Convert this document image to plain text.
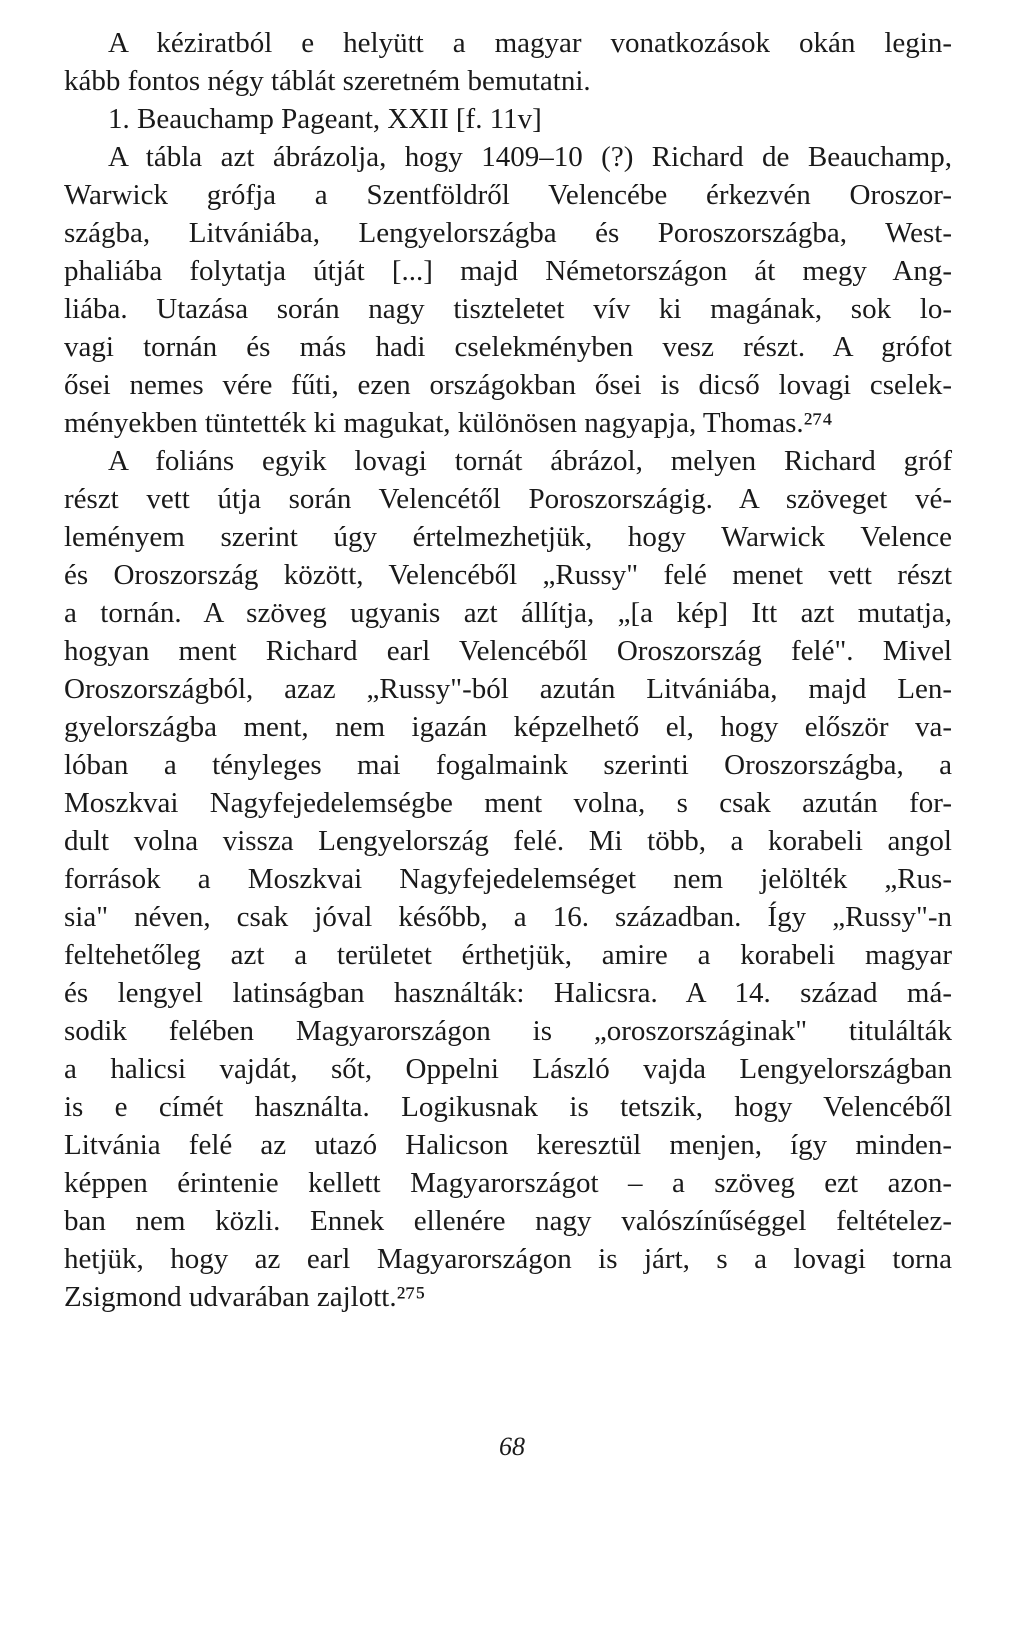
A kéziratból e helyütt a magyar vonatkozások okán legin-
kább fontos négy táblát szeretném bemutatni.
1. Beauchamp Pageant, XXII [f. 11v]
A tábla azt ábrázolja, hogy 1409–10 (?) Richard de Beauchamp,
Warwick grófja a Szentföldről Velencébe érkezvén Oroszor-
szágba, Litvániába, Lengyelországba és Poroszországba, West-
phaliába folytatja útját [...] majd Németországon át megy Ang-
liába. Utazása során nagy tiszteletet vív ki magának, sok lo-
vagi tornán és más hadi cselekményben vesz részt. A grófot
ősei nemes vére fűti, ezen országokban ősei is dicső lovagi cselek-
ményekben tüntették ki magukat, különösen nagyapja, Thomas.²⁷⁴
A foliáns egyik lovagi tornát ábrázol, melyen Richard gróf
részt vett útja során Velencétől Poroszországig. A szöveget vé-
leményem szerint úgy értelmezhetjük, hogy Warwick Velence
és Oroszország között, Velencéből „Russy" felé menet vett részt
a tornán. A szöveg ugyanis azt állítja, „[a kép] Itt azt mutatja,
hogyan ment Richard earl Velencéből Oroszország felé". Mivel
Oroszországból, azaz „Russy"-ból azután Litvániába, majd Len-
gyelországba ment, nem igazán képzelhető el, hogy először va-
lóban a tényleges mai fogalmaink szerinti Oroszországba, a
Moszkvai Nagyfejedelemségbe ment volna, s csak azután for-
dult volna vissza Lengyelország felé. Mi több, a korabeli angol
források a Moszkvai Nagyfejedelemséget nem jelölték „Rus-
sia" néven, csak jóval később, a 16. században. Így „Russy"-n
feltehetőleg azt a területet érthetjük, amire a korabeli magyar
és lengyel latinságban használták: Halicsra. A 14. század má-
sodik felében Magyarországon is „oroszországinak" titulálták
a halicsi vajdát, sőt, Oppelni László vajda Lengyelországban
is e címét használta. Logikusnak is tetszik, hogy Velencéből
Litvánia felé az utazó Halicson keresztül menjen, így minden-
képpen érintenie kellett Magyarországot – a szöveg ezt azon-
ban nem közli. Ennek ellenére nagy valószínűséggel feltételez-
hetjük, hogy az earl Magyarországon is járt, s a lovagi torna
Zsigmond udvarában zajlott.²⁷⁵
68
